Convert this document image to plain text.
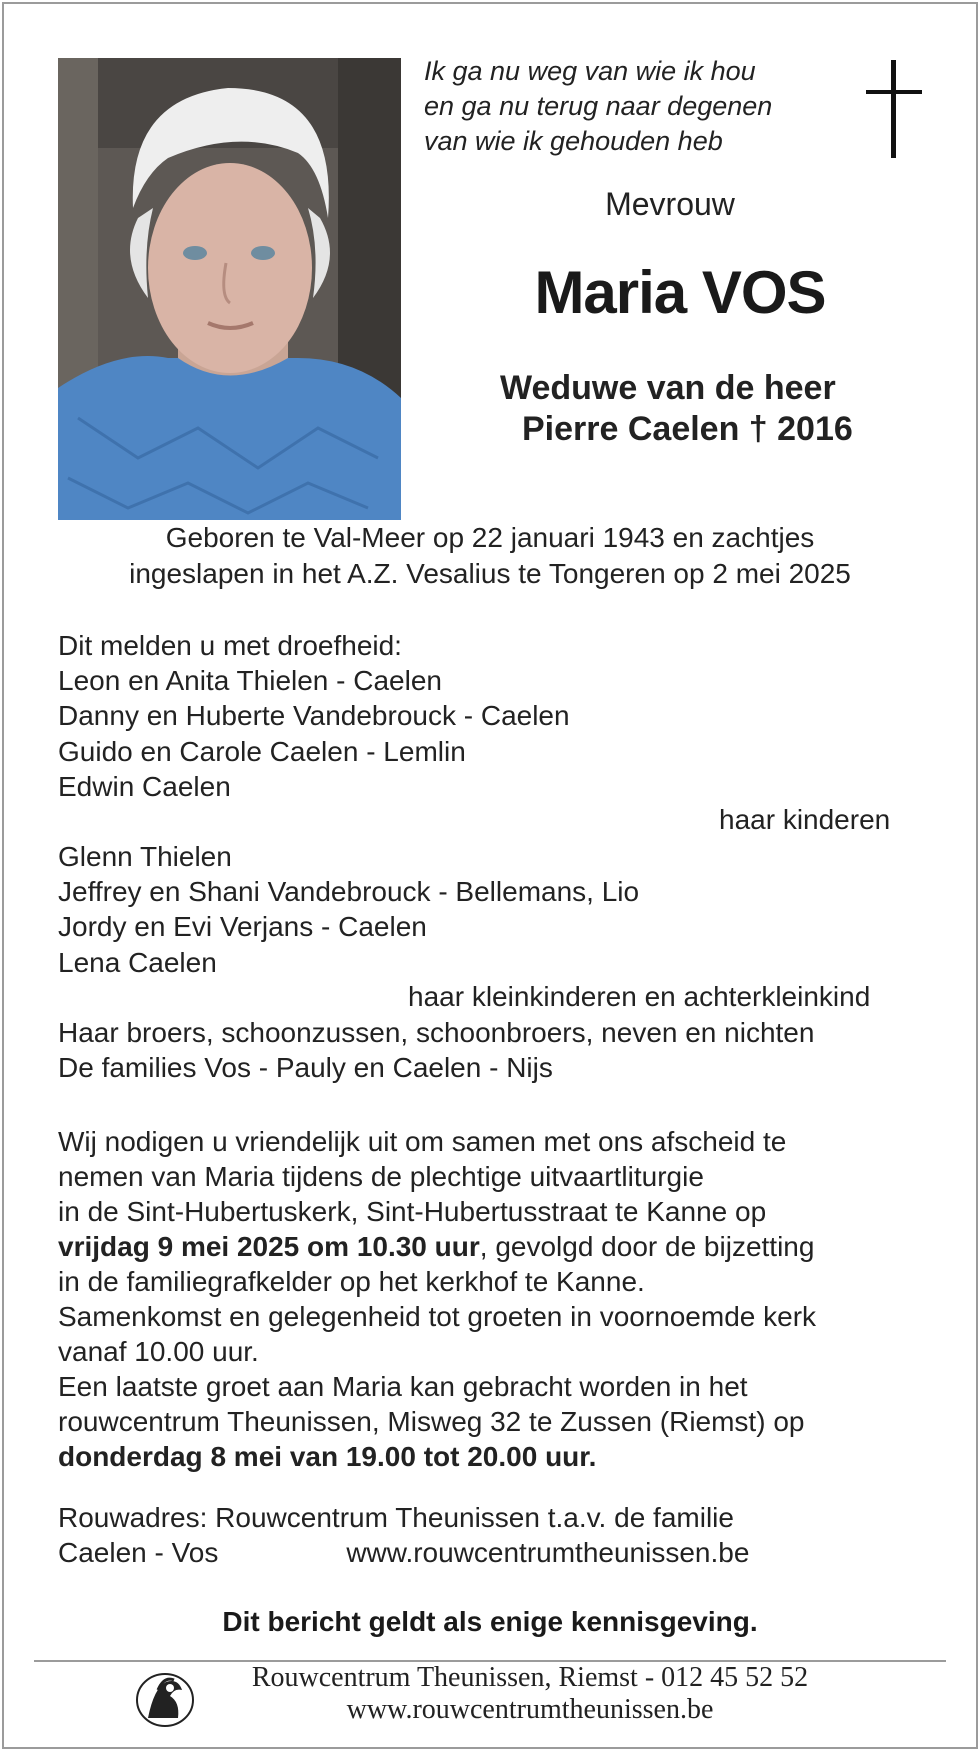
Ik ga nu weg van wie ik hou
en ga nu terug naar degenen
van wie ik gehouden heb
Mevrouw
Maria VOS
Weduwe van de heer
Pierre Caelen † 2016
Geboren te Val-Meer op 22 januari 1943 en zachtjes
ingeslapen in het A.Z. Vesalius te Tongeren op 2 mei 2025
Dit melden u met droefheid:
Leon en Anita Thielen - Caelen
Danny en Huberte Vandebrouck - Caelen
Guido en Carole Caelen - Lemlin
Edwin Caelen
haar kinderen
Glenn Thielen
Jeffrey en Shani Vandebrouck - Bellemans, Lio
Jordy en Evi Verjans - Caelen
Lena Caelen
haar kleinkinderen en achterkleinkind
Haar broers, schoonzussen, schoonbroers, neven en nichten
De families Vos - Pauly en Caelen - Nijs
Wij nodigen u vriendelijk uit om samen met ons afscheid te
nemen van Maria tijdens de plechtige uitvaartliturgie
in de Sint-Hubertuskerk, Sint-Hubertusstraat te Kanne op
vrijdag 9 mei 2025 om 10.30 uur, gevolgd door de bijzetting
in de familiegrafkelder op het kerkhof te Kanne.
Samenkomst en gelegenheid tot groeten in voornoemde kerk
vanaf 10.00 uur.
Een laatste groet aan Maria kan gebracht worden in het
rouwcentrum Theunissen, Misweg 32 te Zussen (Riemst) op
donderdag 8 mei van 19.00 tot 20.00 uur.
Rouwadres: Rouwcentrum Theunissen t.a.v. de familie
Caelen - Vos	www.rouwcentrumtheunissen.be
Dit bericht geldt als enige kennisgeving.
Rouwcentrum Theunissen, Riemst - 012 45 52 52
www.rouwcentrumtheunissen.be
